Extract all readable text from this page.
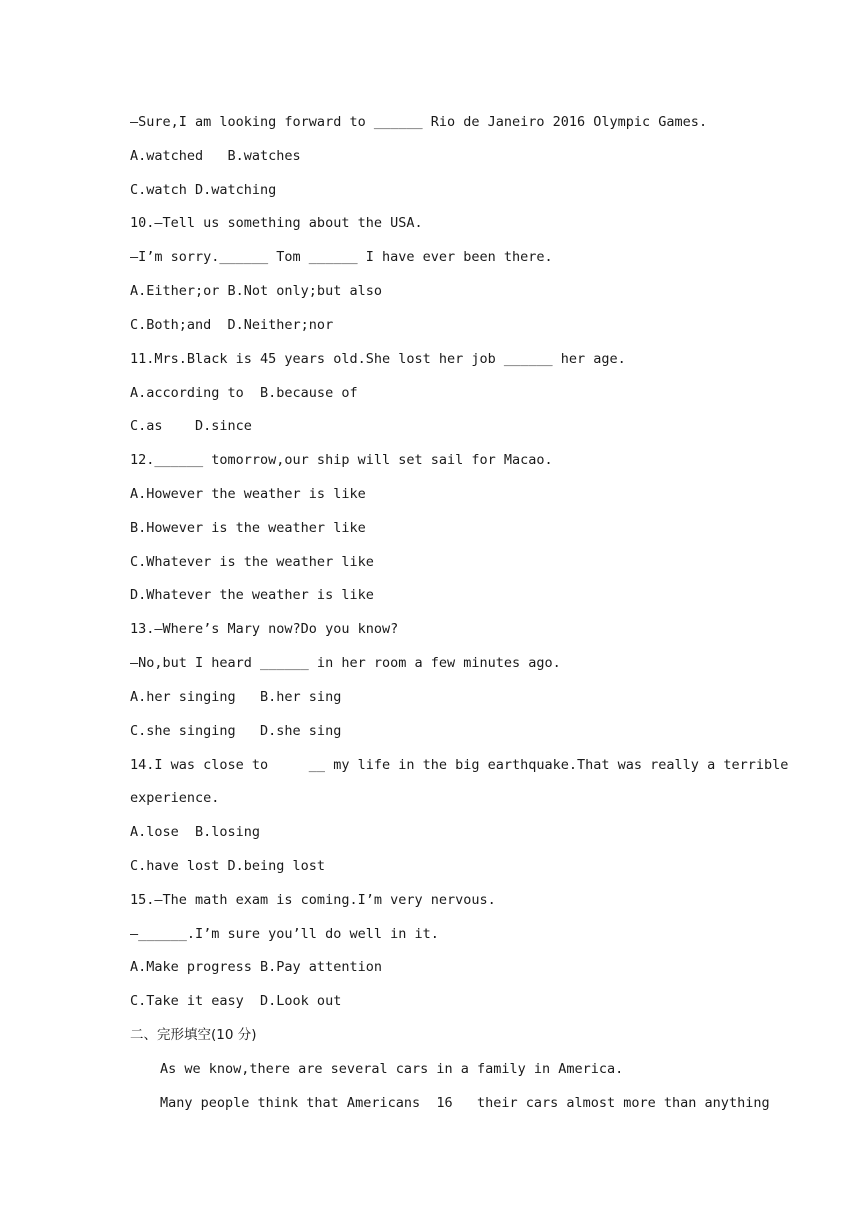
—Sure,I am looking forward to ______ Rio de Janeiro 2016 Olympic Games.
A.watched   B.watches
C.watch D.watching
10.—Tell us something about the USA.
—I’m sorry.______ Tom ______ I have ever been there.
A.Either;or B.Not only;but also
C.Both;and  D.Neither;nor
11.Mrs.Black is 45 years old.She lost her job ______ her age.
A.according to  B.because of
C.as    D.since
12.______ tomorrow,our ship will set sail for Macao.
A.However the weather is like
B.However is the weather like
C.Whatever is the weather like
D.Whatever the weather is like
13.—Where’s Mary now?Do you know?
—No,but I heard ______ in her room a few minutes ago.
A.her singing   B.her sing
C.she singing   D.she sing
14.I was close to     __ my life in the big earthquake.That was really a terrible
experience.
A.lose  B.losing
C.have lost D.being lost
15.—The math exam is coming.I’m very nervous.
—______.I’m sure you’ll do well in it.
A.Make progress B.Pay attention
C.Take it easy  D.Look out
二、完形填空(10 分)
As we know,there are several cars in a family in America.
Many people think that Americans  16   their cars almost more than anything
